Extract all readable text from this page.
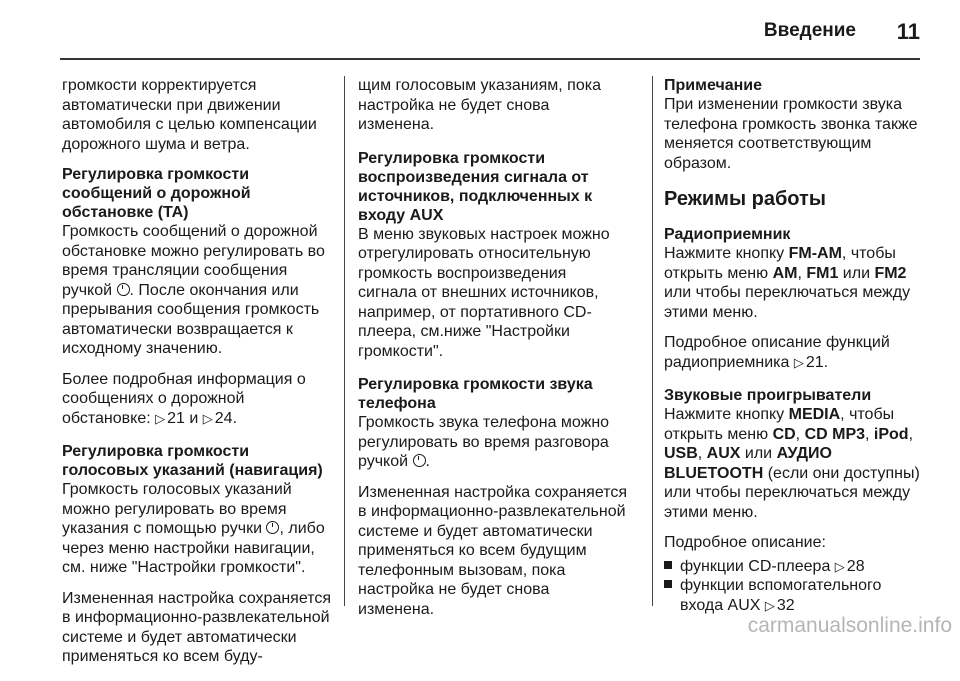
Введение 11

громкости корректируется автоматически при движении автомобиля с целью компенсации дорожного шума и ветра.

Регулировка громкости сообщений о дорожной обстановке (TA)

Громкость сообщений о дорожной обстановке можно регулировать во время трансляции сообщения ручкой . После окончания или прерывания сообщения громкость автоматически возвращается к исходному значению.

Более подробная информация о сообщениях о дорожной обстановке: ▷ 21 и ▷ 24.

Регулировка громкости голосовых указаний (навигация)

Громкость голосовых указаний можно регулировать во время указания с помощью ручки , либо через меню настройки навигации, см. ниже "Настройки громкости".

Измененная настройка сохраняется в информационно-развлекательной системе и будет автоматически применяться ко всем буду-

щим голосовым указаниям, пока настройка не будет снова изменена.

Регулировка громкости воспроизведения сигнала от источников, подключенных к входу AUX

В меню звуковых настроек можно отрегулировать относительную громкость воспроизведения сигнала от внешних источников, например, от портативного CD-плеера, см.ниже "Настройки громкости".

Регулировка громкости звука телефона

Громкость звука телефона можно регулировать во время разговора ручкой .

Измененная настройка сохраняется в информационно-развлекательной системе и будет автоматически применяться ко всем будущим телефонным вызовам, пока настройка не будет снова изменена.

Примечание

При изменении громкости звука телефона громкость звонка также меняется соответствующим образом.

Режимы работы
Радиоприемник

Нажмите кнопку FM-AM, чтобы открыть меню AM, FM1 или FM2 или чтобы переключаться между этими меню.

Подробное описание функций радиоприемника ▷ 21.

Звуковые проигрыватели

Нажмите кнопку MEDIA, чтобы открыть меню CD, CD MP3, iPod, USB, AUX или АУДИО BLUETOOTH (если они доступны) или чтобы переключаться между этими меню.

Подробное описание:

функции CD-плеера ▷ 28
функции вспомогательного входа AUX ▷ 32
carmanualsonline.info
